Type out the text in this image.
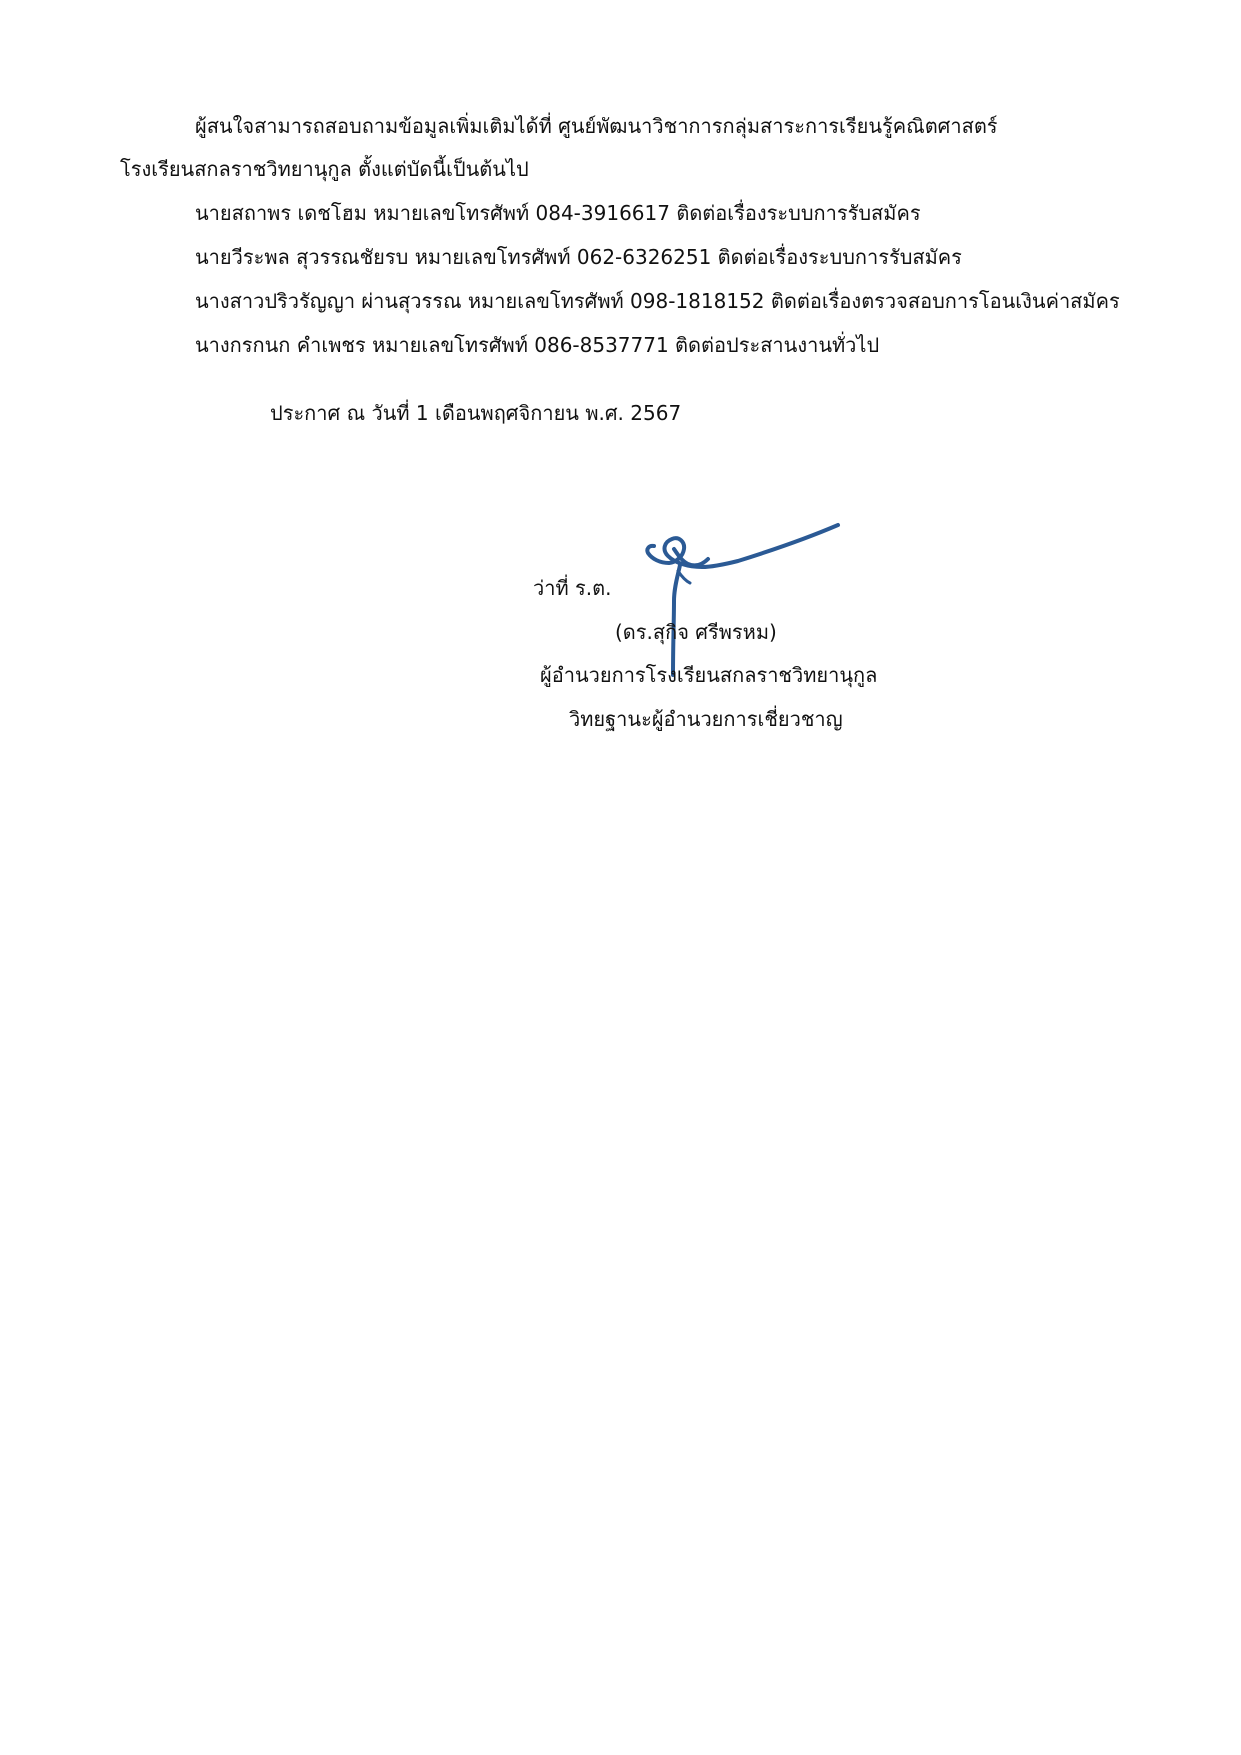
ผู้สนใจสามารถสอบถามข้อมูลเพิ่มเติมได้ที่ ศูนย์พัฒนาวิชาการกลุ่มสาระการเรียนรู้คณิตศาสตร์
โรงเรียนสกลราชวิทยานุกูล ตั้งแต่บัดนี้เป็นต้นไป
นายสถาพร เดชโฮม หมายเลขโทรศัพท์ 084-3916617 ติดต่อเรื่องระบบการรับสมัคร
นายวีระพล สุวรรณชัยรบ หมายเลขโทรศัพท์ 062-6326251 ติดต่อเรื่องระบบการรับสมัคร
นางสาวปริวรัญญา ผ่านสุวรรณ หมายเลขโทรศัพท์ 098-1818152 ติดต่อเรื่องตรวจสอบการโอนเงินค่าสมัคร
นางกรกนก คำเพชร หมายเลขโทรศัพท์ 086-8537771 ติดต่อประสานงานทั่วไป
ประกาศ ณ วันที่ 1 เดือนพฤศจิกายน พ.ศ. 2567
ว่าที่ ร.ต.
(ดร.สุกิจ ศรีพรหม)
ผู้อำนวยการโรงเรียนสกลราชวิทยานุกูล
วิทยฐานะผู้อำนวยการเชี่ยวชาญ
